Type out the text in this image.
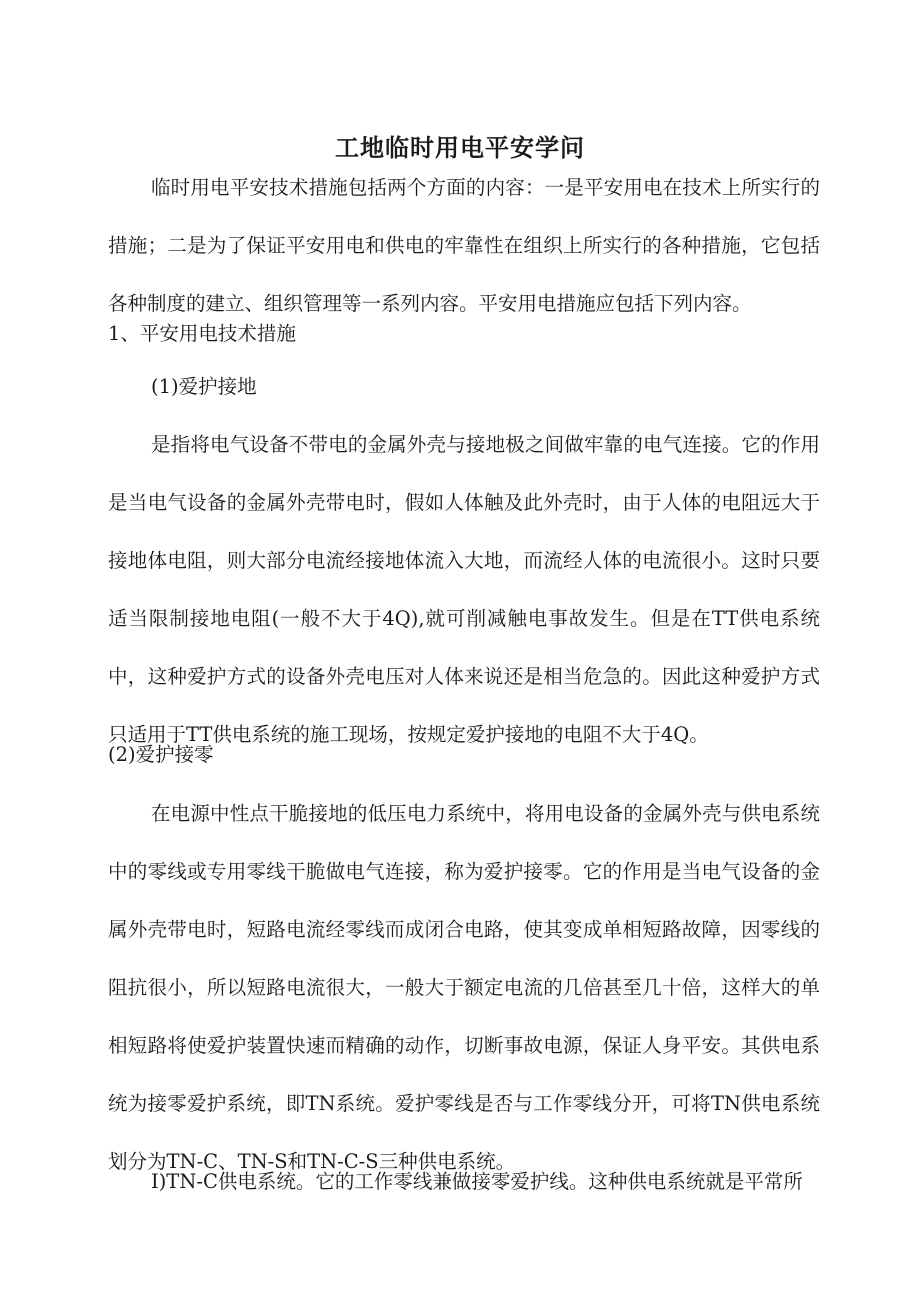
工地临时用电平安学问

临时用电平安技术措施包括两个方面的内容：一是平安用电在技术上所实行的措施；二是为了保证平安用电和供电的牢靠性在组织上所实行的各种措施，它包括各种制度的建立、组织管理等一系列内容。平安用电措施应包括下列内容。

1、平安用电技术措施

(1)爱护接地

是指将电气设备不带电的金属外壳与接地极之间做牢靠的电气连接。它的作用是当电气设备的金属外壳带电时，假如人体触及此外壳时，由于人体的电阻远大于接地体电阻，则大部分电流经接地体流入大地，而流经人体的电流很小。这时只要适当限制接地电阻(一般不大于4Q),就可削减触电事故发生。但是在TT供电系统中，这种爱护方式的设备外壳电压对人体来说还是相当危急的。因此这种爱护方式只适用于TT供电系统的施工现场，按规定爱护接地的电阻不大于4Q。

(2)爱护接零

在电源中性点干脆接地的低压电力系统中，将用电设备的金属外壳与供电系统中的零线或专用零线干脆做电气连接，称为爱护接零。它的作用是当电气设备的金属外壳带电时，短路电流经零线而成闭合电路，使其变成单相短路故障，因零线的阻抗很小，所以短路电流很大，一般大于额定电流的几倍甚至几十倍，这样大的单相短路将使爱护装置快速而精确的动作，切断事故电源，保证人身平安。其供电系统为接零爱护系统，即TN系统。爱护零线是否与工作零线分开，可将TN供电系统划分为TN-C、TN-S和TN-C-S三种供电系统。

I)TN-C供电系统。它的工作零线兼做接零爱护线。这种供电系统就是平常所
